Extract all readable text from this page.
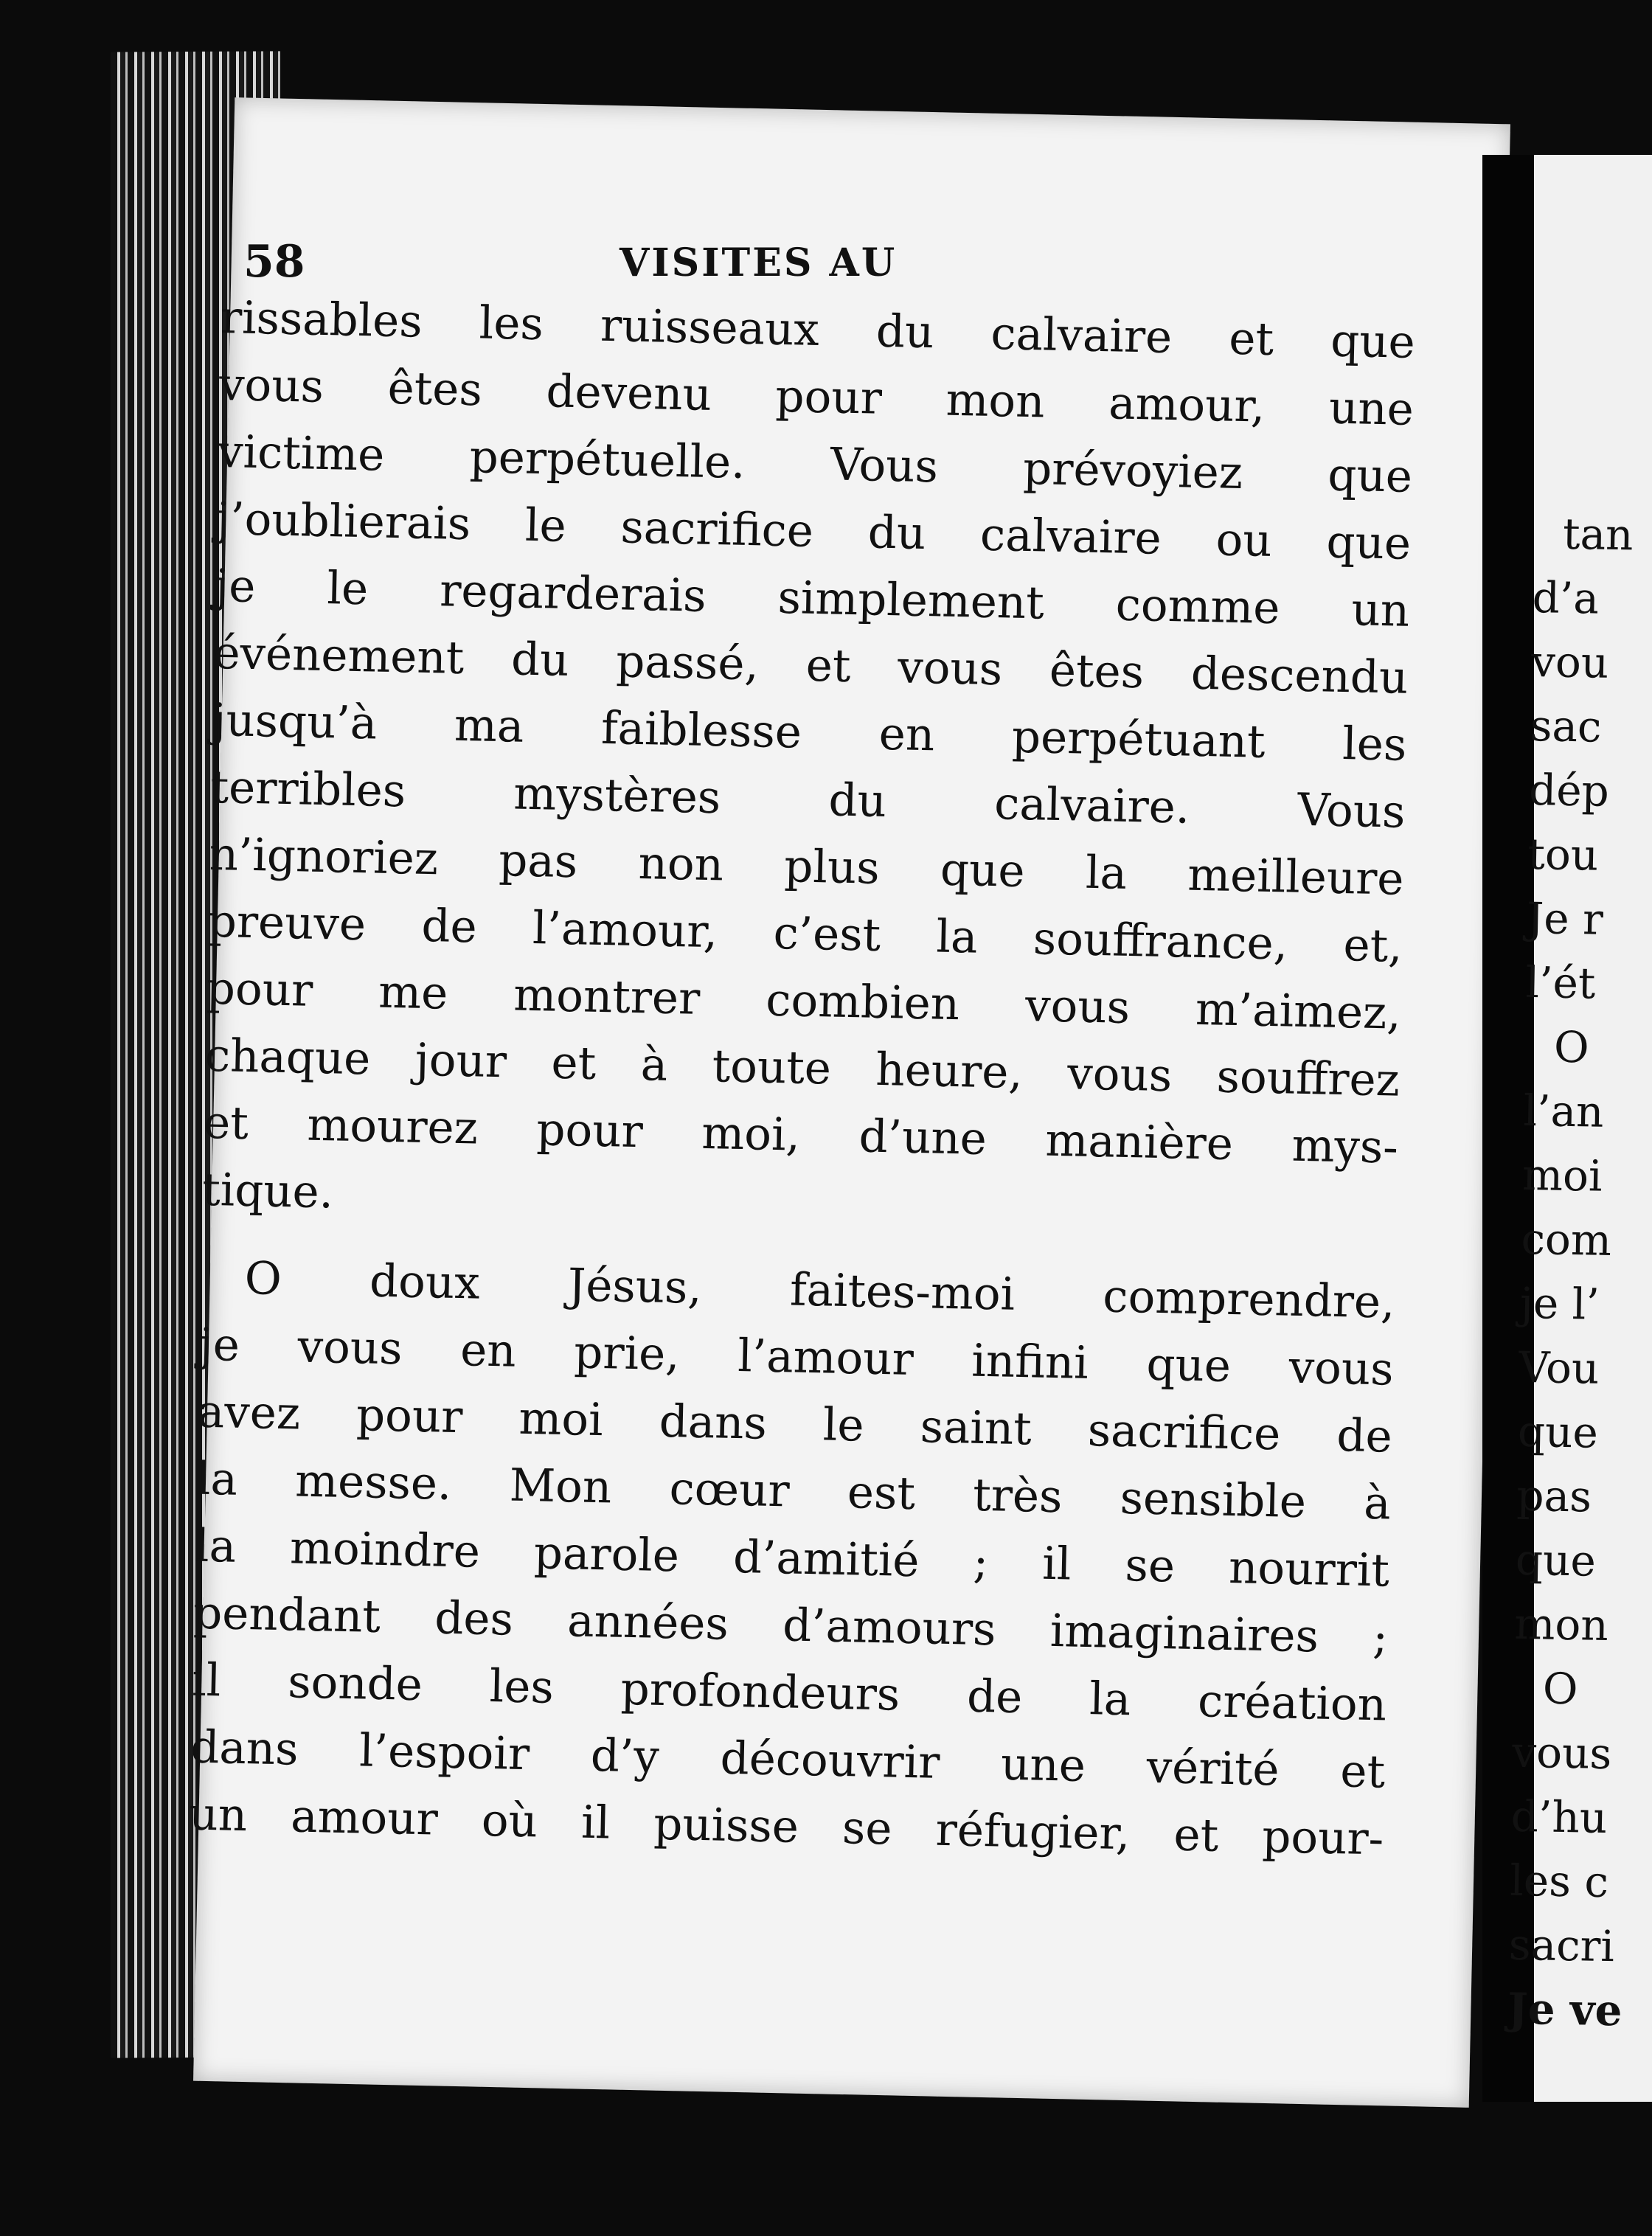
58	VISITES AU
rissables les ruisseaux du calvaire et que
vous êtes devenu pour mon amour, une
victime perpétuelle. Vous prévoyiez que
j’oublierais le sacrifice du calvaire ou que
je le regarderais simplement comme un
événement du passé, et vous êtes descendu
jusqu’à ma faiblesse en perpétuant les
terribles mystères du calvaire. Vous
n’ignoriez pas non plus que la meilleure
preuve de l’amour, c’est la souffrance, et,
pour me montrer combien vous m’aimez,
chaque jour et à toute heure, vous souffrez
et mourez pour moi, d’une manière mys-
tique.
O doux Jésus, faites-moi comprendre,
je vous en prie, l’amour infini que vous
avez pour moi dans le saint sacrifice de
la messe. Mon cœur est très sensible à
la moindre parole d’amitié ; il se nourrit
pendant des années d’amours imaginaires ;
il sonde les profondeurs de la création
dans l’espoir d’y découvrir une vérité et
un amour où il puisse se réfugier, et pour-
tan
d’a
vou
sac
dép
tou
Je r
l’ét
O
l’an
moi
com
je l’
Vou
que
pas
que
mon
O
vous
d’hu
les c
sacri
Je ve
